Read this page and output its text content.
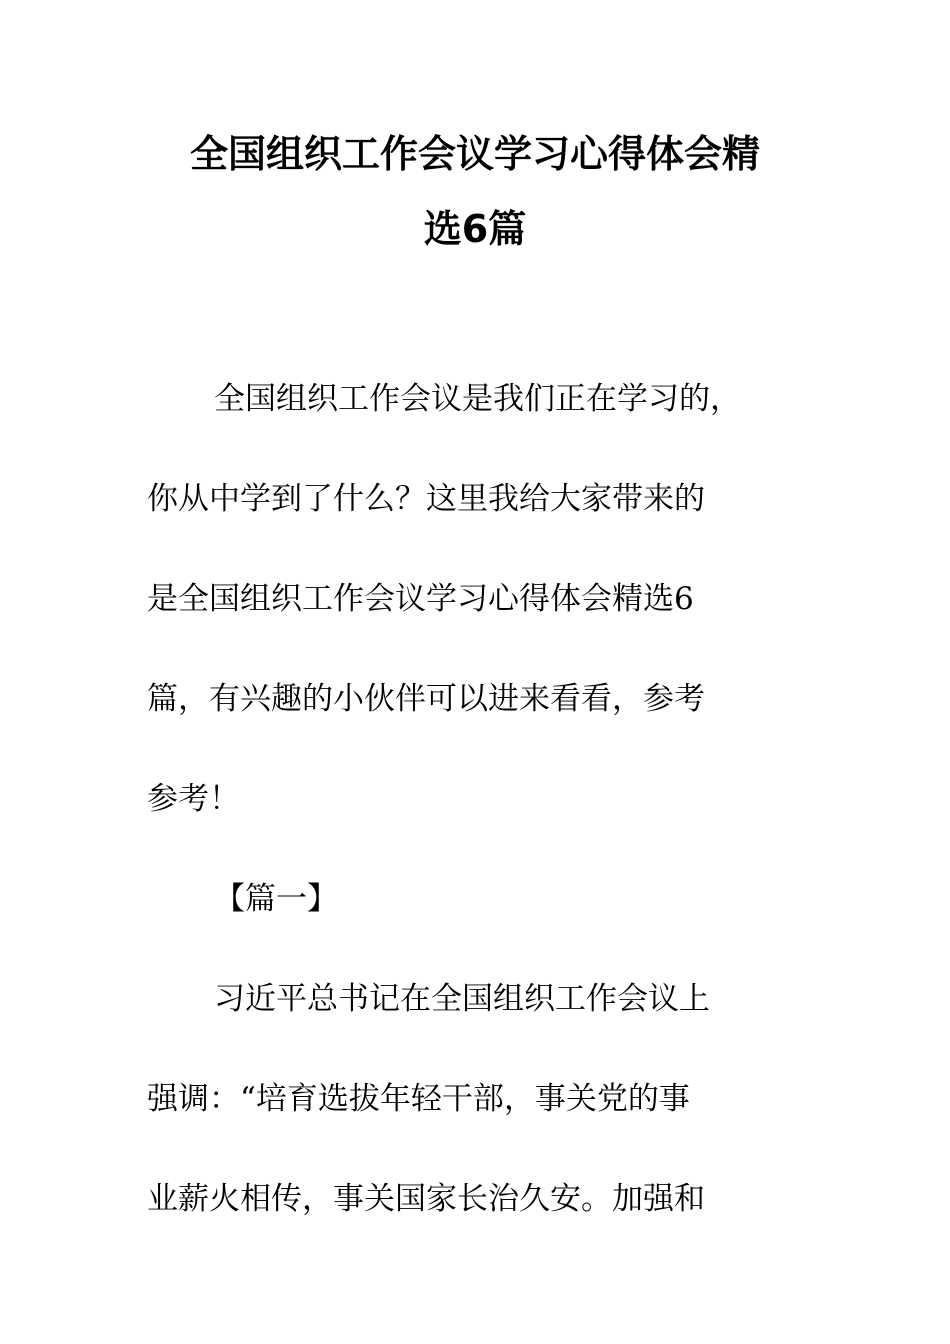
全国组织工作会议学习心得体会精
选6篇
全国组织工作会议是我们正在学习的，
你从中学到了什么？这里我给大家带来的
是全国组织工作会议学习心得体会精选6
篇，有兴趣的小伙伴可以进来看看，参考
参考！
【篇一】
习近平总书记在全国组织工作会议上
强调：“培育选拔年轻干部，事关党的事
业薪火相传，事关国家长治久安。加强和
